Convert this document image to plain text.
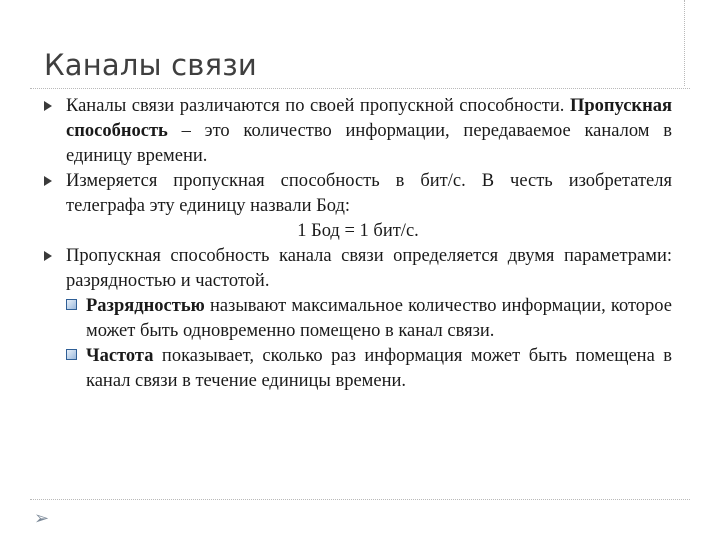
Каналы связи
Каналы связи различаются по своей пропускной способности. Пропускная способность – это количество информации, передаваемое каналом в единицу времени.
Измеряется пропускная способность в бит/с. В честь изобретателя телеграфа эту единицу назвали Бод:
1 Бод = 1 бит/с.
Пропускная способность канала связи определяется двумя параметрами: разрядностью и частотой.
Разрядностью называют максимальное количество информации, которое может быть одновременно помещено в канал связи.
Частота показывает, сколько раз информация может быть помещена в канал связи в течение единицы времени.
➢
